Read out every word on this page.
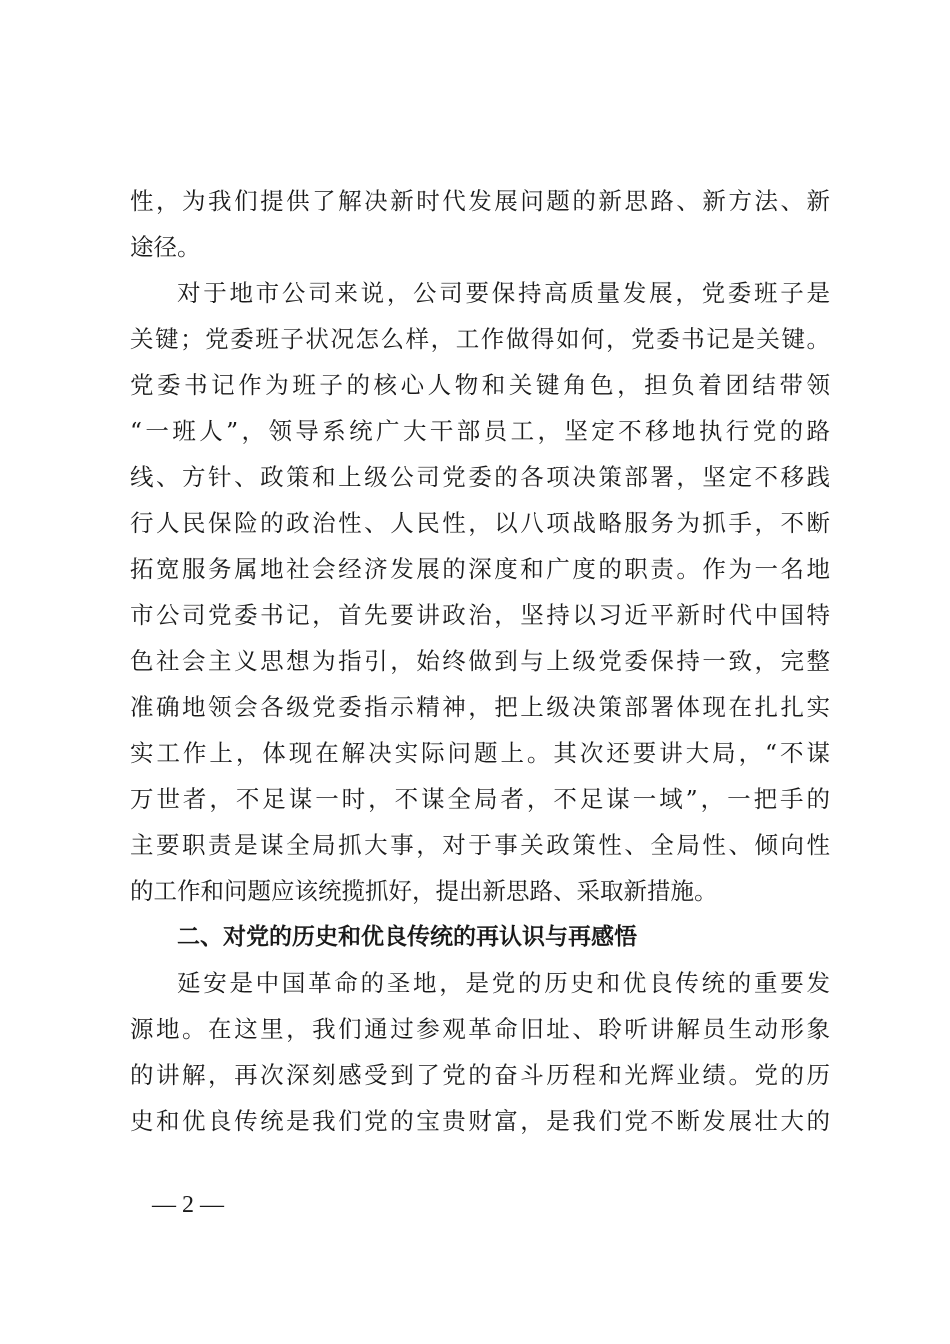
性，为我们提供了解决新时代发展问题的新思路、新方法、新
途径。
对于地市公司来说，公司要保持高质量发展，党委班子是
关键；党委班子状况怎么样，工作做得如何，党委书记是关键。
党委书记作为班子的核心人物和关键角色，担负着团结带领
“一班人”，领导系统广大干部员工，坚定不移地执行党的路
线、方针、政策和上级公司党委的各项决策部署，坚定不移践
行人民保险的政治性、人民性，以八项战略服务为抓手，不断
拓宽服务属地社会经济发展的深度和广度的职责。作为一名地
市公司党委书记，首先要讲政治，坚持以习近平新时代中国特
色社会主义思想为指引，始终做到与上级党委保持一致，完整
准确地领会各级党委指示精神，把上级决策部署体现在扎扎实
实工作上，体现在解决实际问题上。其次还要讲大局，“不谋
万世者，不足谋一时，不谋全局者，不足谋一域”，一把手的
主要职责是谋全局抓大事，对于事关政策性、全局性、倾向性
的工作和问题应该统揽抓好，提出新思路、采取新措施。
二、对党的历史和优良传统的再认识与再感悟
延安是中国革命的圣地，是党的历史和优良传统的重要发
源地。在这里，我们通过参观革命旧址、聆听讲解员生动形象
的讲解，再次深刻感受到了党的奋斗历程和光辉业绩。党的历
史和优良传统是我们党的宝贵财富，是我们党不断发展壮大的
— 2 —
